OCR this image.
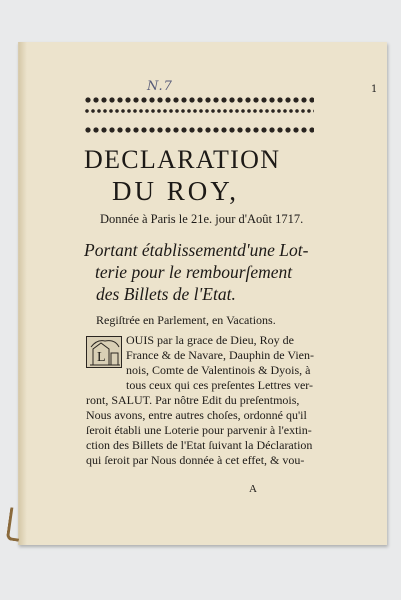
N.7	1
DECLARATION
DU ROY,
Donnée à Paris le 21e. jour d'Août 1717.
Portant établissementd'une Lot-
terie pour le rembourſement
des Billets de l'Etat.
Regiſtrée en Parlement, en Vacations.
L
OUIS par la grace de Dieu, Roy de
France & de Navare, Dauphin de Vien-
nois, Comte de Valentinois & Dyois, à
tous ceux qui ces preſentes Lettres ver-
ront, SALUT. Par nôtre Edit du preſentmois,
Nous avons, entre autres choſes, ordonné qu'il
ſeroit établi une Loterie pour parvenir à l'extin-
ction des Billets de l'Etat ſuivant la Déclaration
qui ſeroit par Nous donnée à cet effet, & vou-
A
